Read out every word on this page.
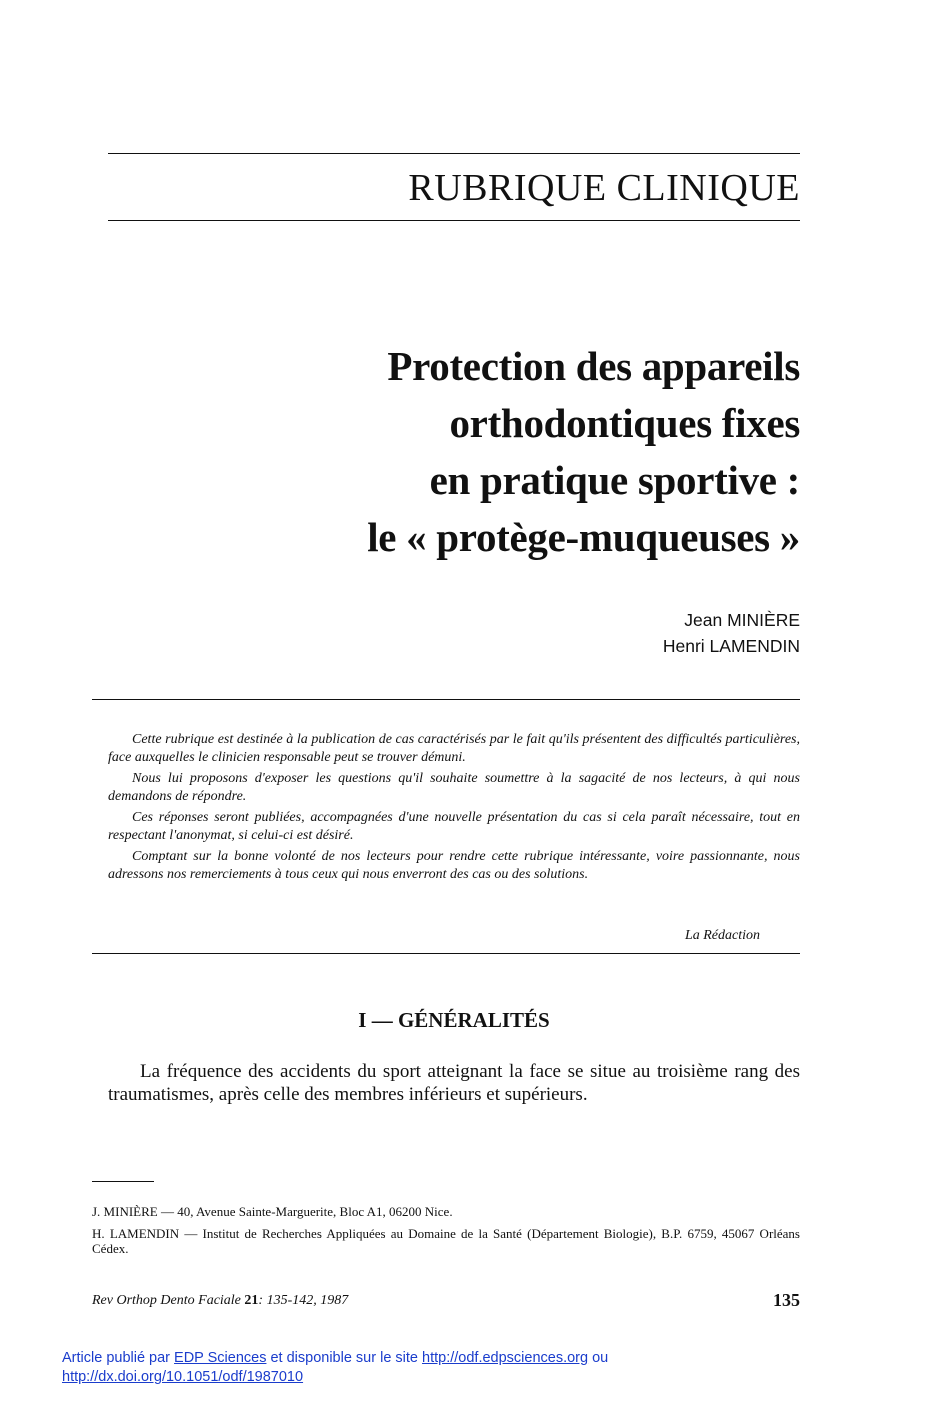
RUBRIQUE CLINIQUE
Protection des appareils
orthodontiques fixes
en pratique sportive :
le « protège-muqueuses »
Jean MINIÈRE
Henri LAMENDIN

Cette rubrique est destinée à la publication de cas caractérisés par le fait qu'ils présentent des difficultés particulières, face auxquelles le clinicien responsable peut se trouver démuni.

Nous lui proposons d'exposer les questions qu'il souhaite soumettre à la sagacité de nos lecteurs, à qui nous demandons de répondre.

Ces réponses seront publiées, accompagnées d'une nouvelle présentation du cas si cela paraît nécessaire, tout en respectant l'anonymat, si celui-ci est désiré.

Comptant sur la bonne volonté de nos lecteurs pour rendre cette rubrique intéressante, voire passionnante, nous adressons nos remerciements à tous ceux qui nous enverront des cas ou des solutions.

La Rédaction
I — GÉNÉRALITÉS

La fréquence des accidents du sport atteignant la face se situe au troisième rang des traumatismes, après celle des membres inférieurs et supérieurs.

J. MINIÈRE — 40, Avenue Sainte-Marguerite, Bloc A1, 06200 Nice.

H. LAMENDIN — Institut de Recherches Appliquées au Domaine de la Santé (Département Biologie), B.P. 6759, 45067 Orléans Cédex.

Rev Orthop Dento Faciale 21: 135-142, 1987	135
Article publié par EDP Sciences et disponible sur le site http://odf.edpsciences.org ou
http://dx.doi.org/10.1051/odf/1987010
